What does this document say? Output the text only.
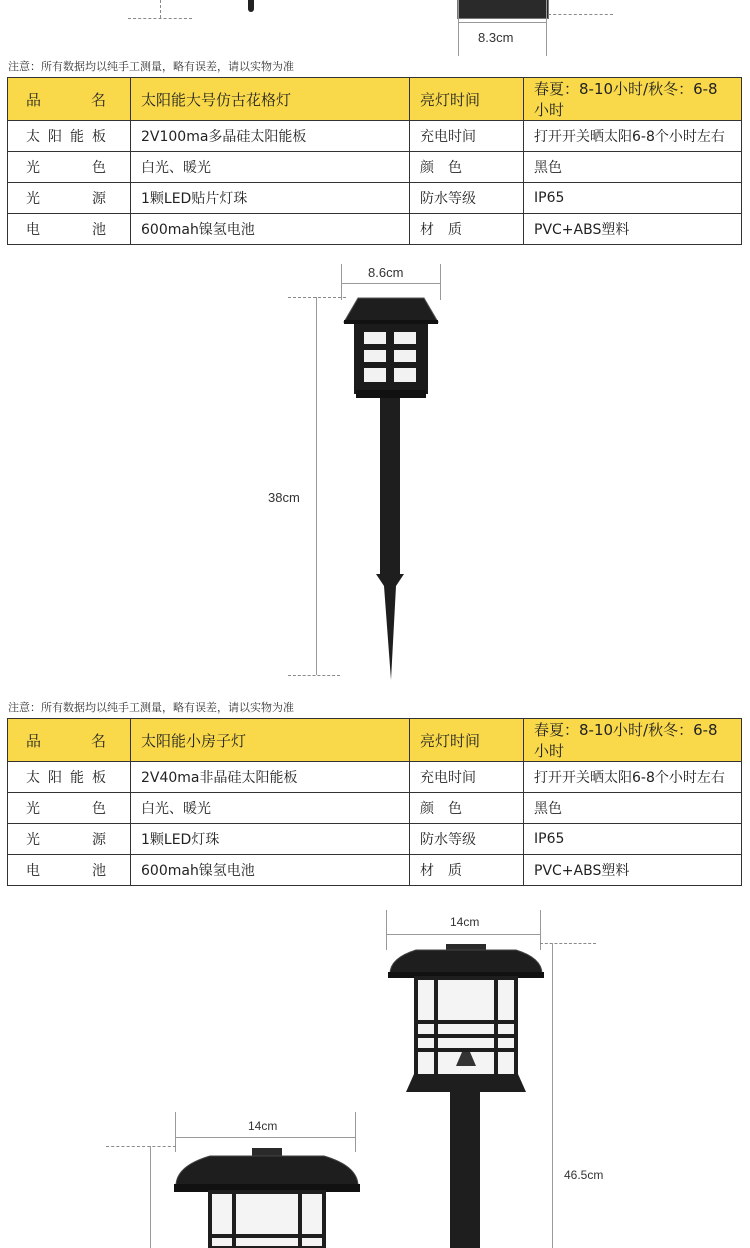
8.3cm
注意：所有数据均以纯手工测量，略有误差，请以实物为准
品　名	太阳能大号仿古花格灯	亮灯时间	春夏：8-10小时/秋冬：6-8小时
太阳能板	2V100ma多晶硅太阳能板	充电时间	打开开关晒太阳6-8个小时左右
光　色	白光、暖光	颜　色	黑色
光　源	1颗LED贴片灯珠	防水等级	IP65
电　池	600mah镍氢电池	材　质	PVC+ABS塑料
8.6cm
38cm
注意：所有数据均以纯手工测量，略有误差，请以实物为准
品　名	太阳能小房子灯	亮灯时间	春夏：8-10小时/秋冬：6-8小时
太阳能板	2V40ma非晶硅太阳能板	充电时间	打开开关晒太阳6-8个小时左右
光　色	白光、暖光	颜　色	黑色
光　源	1颗LED灯珠	防水等级	IP65
电　池	600mah镍氢电池	材　质	PVC+ABS塑料
14cm
46.5cm
14cm
